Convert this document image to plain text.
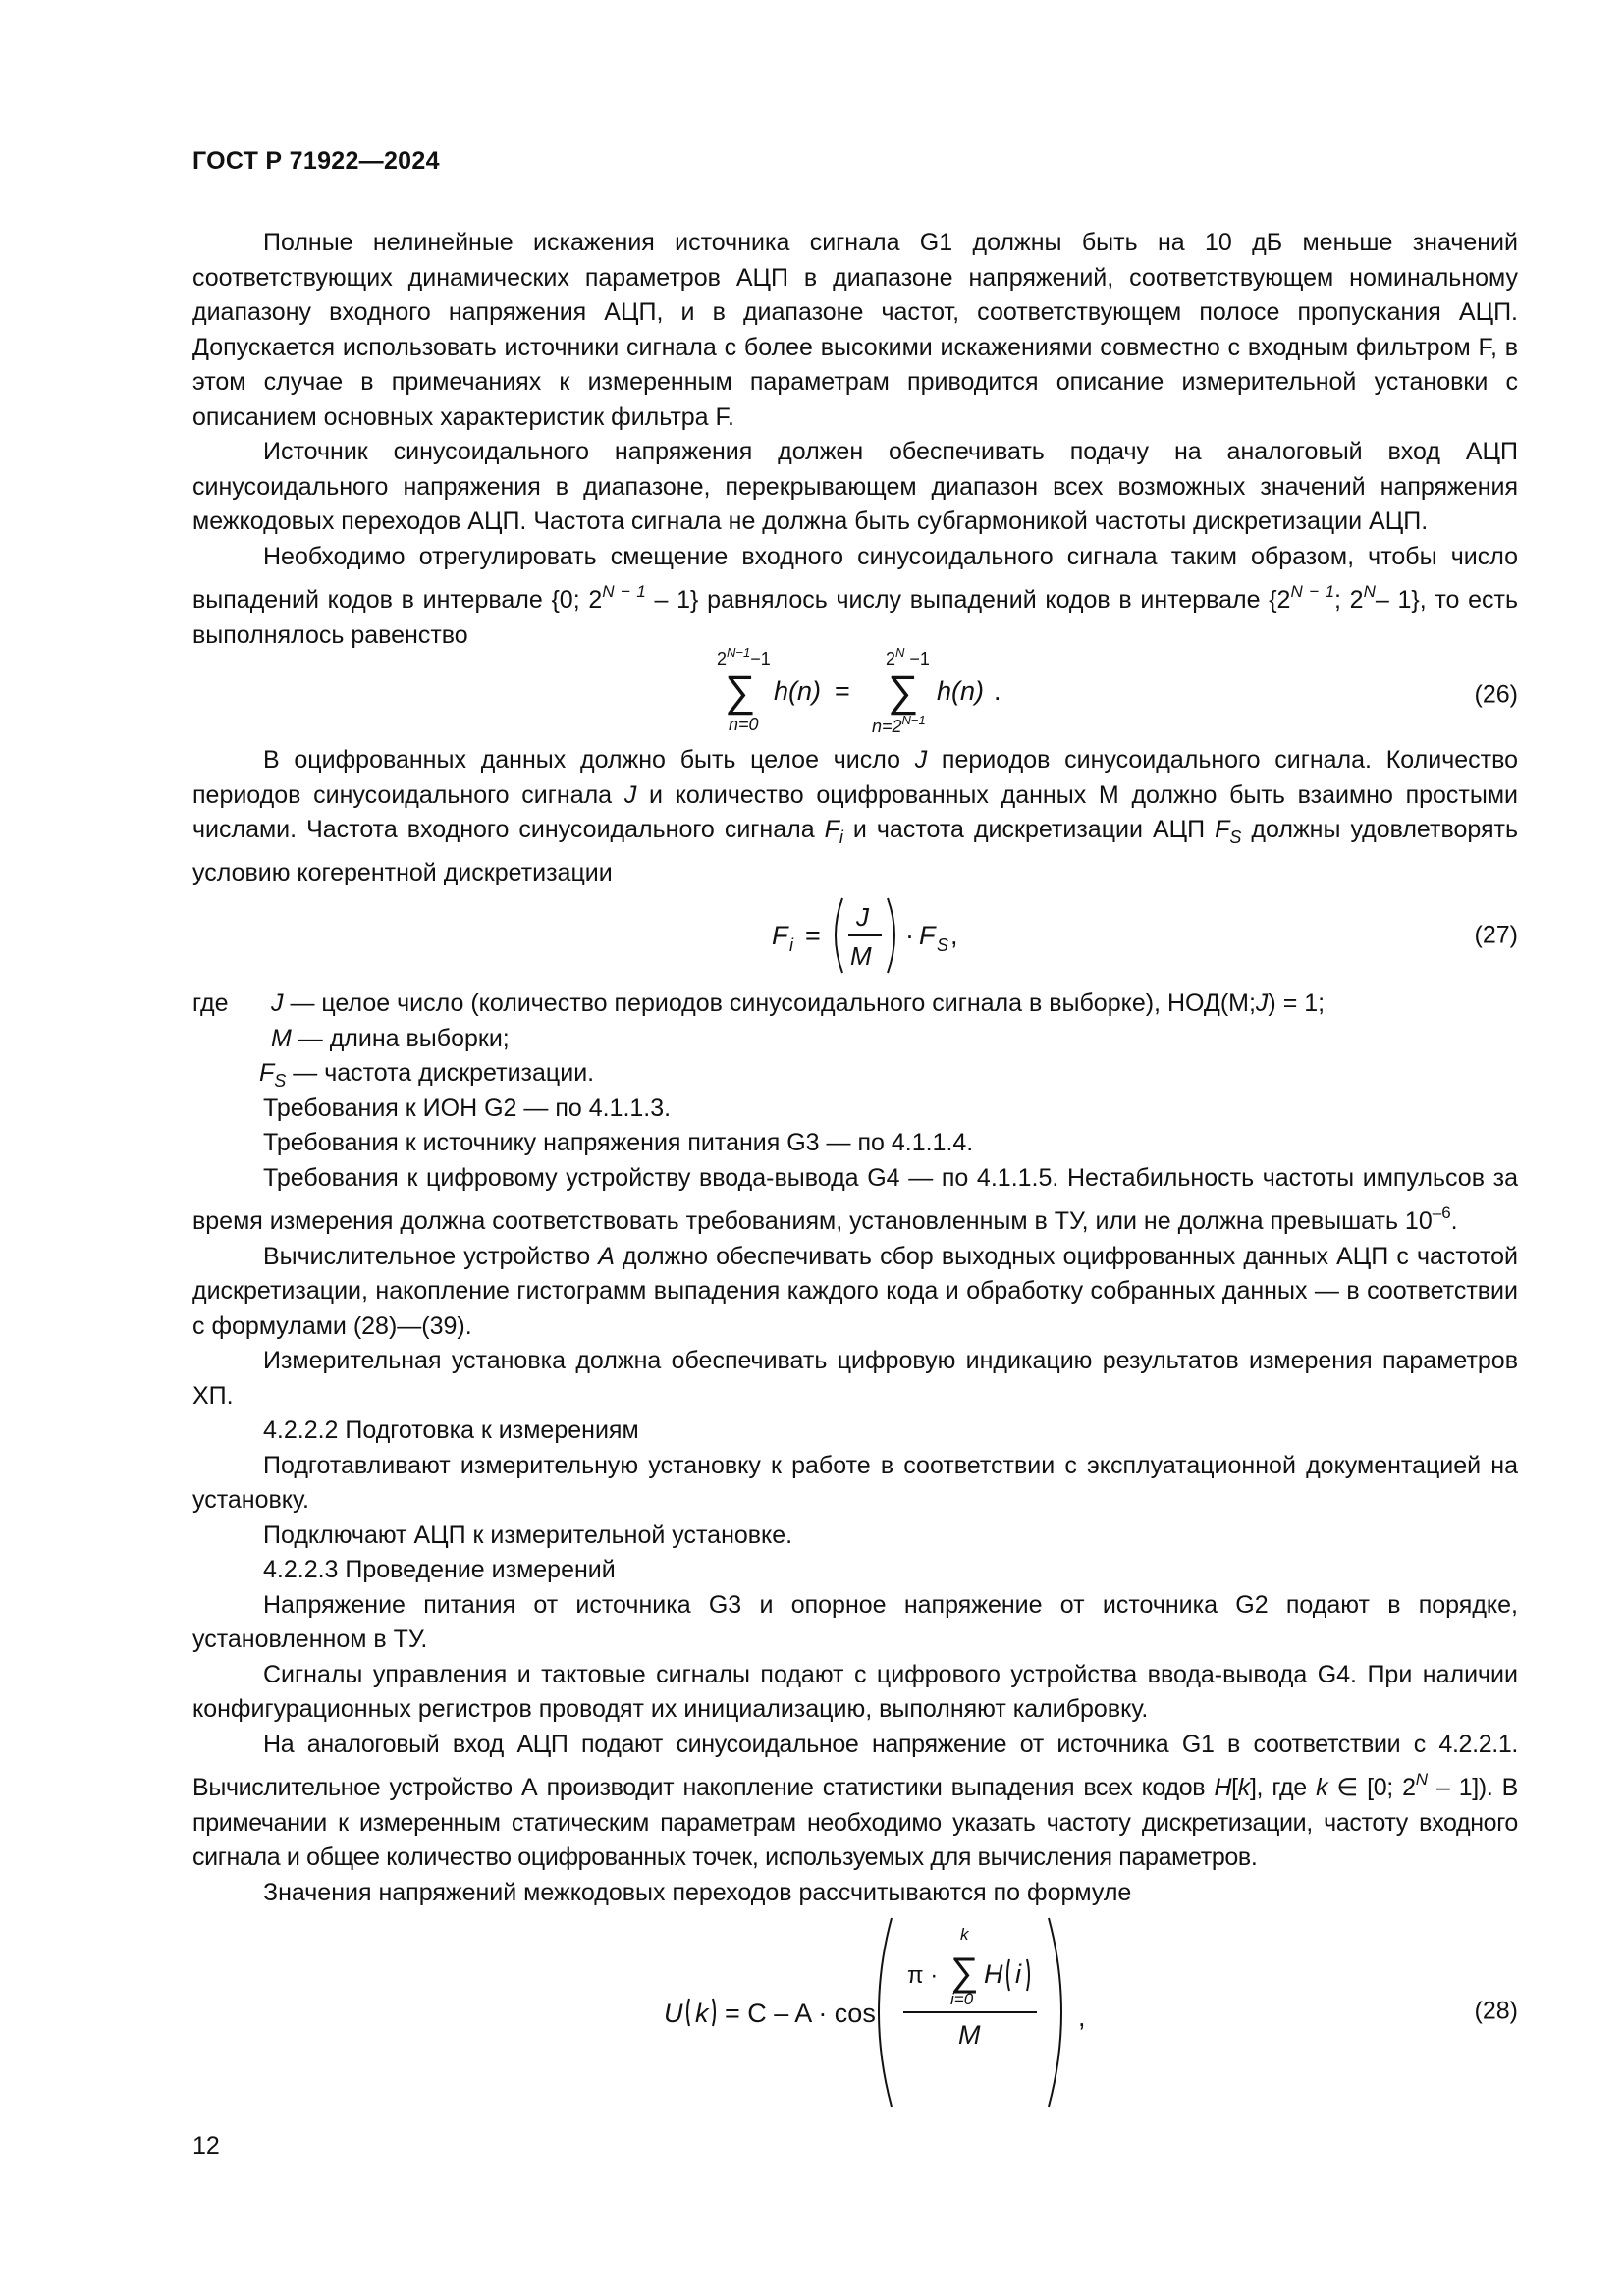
ГОСТ Р 71922—2024

Полные нелинейные искажения источника сигнала G1 должны быть на 10 дБ меньше значений соответствующих динамических параметров АЦП в диапазоне напряжений, соответствующем номинальному диапазону входного напряжения АЦП, и в диапазоне частот, соответствующем полосе пропускания АЦП. Допускается использовать источники сигнала с более высокими искажениями совместно с входным фильтром F, в этом случае в примечаниях к измеренным параметрам приводится описание измерительной установки с описанием основных характеристик фильтра F.

Источник синусоидального напряжения должен обеспечивать подачу на аналоговый вход АЦП синусоидального напряжения в диапазоне, перекрывающем диапазон всех возможных значений напряжения межкодовых переходов АЦП. Частота сигнала не должна быть субгармоникой частоты дискретизации АЦП.

Необходимо отрегулировать смещение входного синусоидального сигнала таким образом, чтобы число выпадений кодов в интервале {0; $2^{N - 1} - 1$} равнялось числу выпадений кодов в интервале {$2^{N - 1}$; $2^N-$ 1}, то есть выполнялось равенство

$2^{N-1}-1$
∑
n=0
h(n) =
$2^N -1$
∑
$n=2^{N-1}$
h(n) .	(26)

В оцифрованных данных должно быть целое число J периодов синусоидального сигнала. Количество периодов синусоидального сигнала J и количество оцифрованных данных М должно быть взаимно простыми числами. Частота входного синусоидального сигнала $F_i$ и частота дискретизации АЦП $F_S$ должны удовлетворять условию когерентной дискретизации

F i =
J
M
· F S ,	(27)
где J — целое число (количество периодов синусоидального сигнала в выборке), НОД(M;J) = 1;
M — длина выборки;
$F_S$ — частота дискретизации.

Требования к ИОН G2 — по 4.1.1.3.

Требования к источнику напряжения питания G3 — по 4.1.1.4.

Требования к цифровому устройству ввода-вывода G4 — по 4.1.1.5. Нестабильность частоты импульсов за время измерения должна соответствовать требованиям, установленным в ТУ, или не должна превышать $10^{-6}$.

Вычислительное устройство A должно обеспечивать сбор выходных оцифрованных данных АЦП с частотой дискретизации, накопление гистограмм выпадения каждого кода и обработку собранных данных — в соответствии с формулами (28)—(39).

Измерительная установка должна обеспечивать цифровую индикацию результатов измерения параметров ХП.

4.2.2.2 Подготовка к измерениям

Подготавливают измерительную установку к работе в соответствии с эксплуатационной документацией на установку.

Подключают АЦП к измерительной установке.

4.2.2.3 Проведение измерений

Напряжение питания от источника G3 и опорное напряжение от источника G2 подают в порядке, установленном в ТУ.

Сигналы управления и тактовые сигналы подают с цифрового устройства ввода-вывода G4. При наличии конфигурационных регистров проводят их инициализацию, выполняют калибровку.

На аналоговый вход АЦП подают синусоидальное напряжение от источника G1 в соответствии с 4.2.2.1. Вычислительное устройство А производит накопление статистики выпадения всех кодов H[k], где k ∈ [0; $2^N - 1$]). В примечании к измеренным статическим параметрам необходимо указать частоту дискретизации, частоту входного сигнала и общее количество оцифрованных точек, используемых для вычисления параметров.

Значения напряжений межкодовых переходов рассчитываются по формуле

U k = C – A · cos
π ·
k
∑
i=0
H i
M
,	(28)
12
